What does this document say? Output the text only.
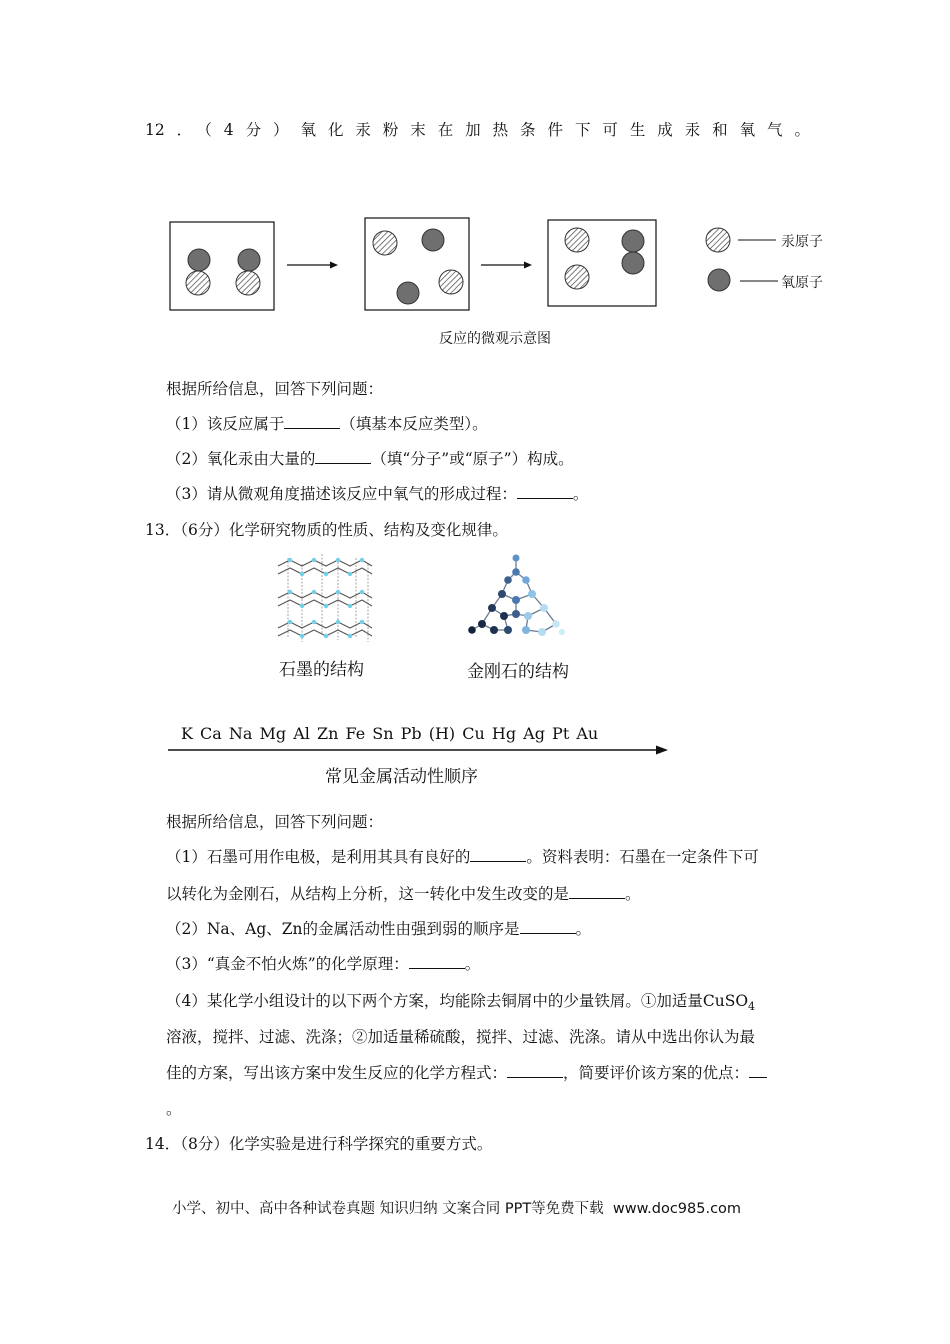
12．（4分）氧化汞粉末在加热条件下可生成汞和氧气。
汞原子
氧原子
反应的微观示意图
根据所给信息，回答下列问题：
（1）该反应属于	（填基本反应类型）。
（2）氧化汞由大量的	（填“分子”或“原子”）构成。
（3）请从微观角度描述该反应中氧气的形成过程：	。
13．（6分）化学研究物质的性质、结构及变化规律。
石墨的结构	金刚石的结构
K Ca Na Mg Al Zn Fe Sn Pb (H) Cu Hg Ag Pt Au
常见金属活动性顺序
根据所给信息，回答下列问题：
（1）石墨可用作电极，是利用其具有良好的	。资料表明：石墨在一定条件下可
以转化为金刚石，从结构上分析，这一转化中发生改变的是	。
（2）Na、Ag、Zn的金属活动性由强到弱的顺序是	。
（3）“真金不怕火炼”的化学原理：	。
（4）某化学小组设计的以下两个方案，均能除去铜屑中的少量铁屑。①加适量CuSO$_4$
溶液，搅拌、过滤、洗涤；②加适量稀硫酸，搅拌、过滤、洗涤。请从中选出你认为最
佳的方案，写出该方案中发生反应的化学方程式：	，简要评价该方案的优点：
。
14．（8分）化学实验是进行科学探究的重要方式。
小学、初中、高中各种试卷真题 知识归纳 文案合同 PPT等免费下载 www.doc985.com
